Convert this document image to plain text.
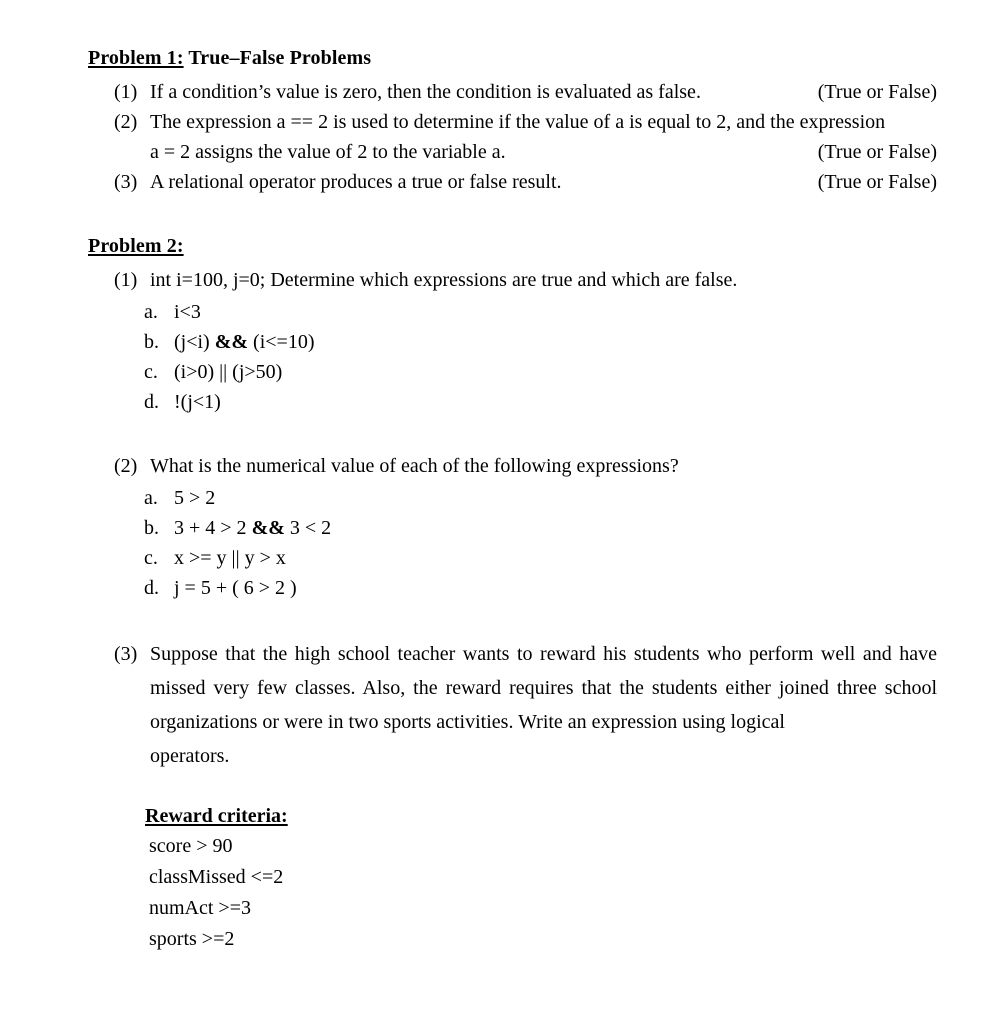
Problem 1: True–False Problems
(1) If a condition’s value is zero, then the condition is evaluated as false.	(True or False)
(2) The expression a == 2 is used to determine if the value of a is equal to 2, and the expression
a = 2 assigns the value of 2 to the variable a.	(True or False)
(3) A relational operator produces a true or false result.	(True or False)
Problem 2:
(1) int i=100, j=0; Determine which expressions are true and which are false.
a. i<3
b. (j<i) && (i<=10)
c. (i>0) || (j>50)
d. !(j<1)
(2) What is the numerical value of each of the following expressions?
a. 5 > 2
b. 3 + 4 > 2 && 3 < 2
c. x >= y || y > x
d. j = 5 + ( 6 > 2 )
(3) Suppose that the high school teacher wants to reward his students who perform well and have missed very few classes. Also, the reward requires that the students either joined three school organizations or were in two sports activities. Write an expression using logical
operators.
Reward criteria:
score > 90
classMissed <=2
numAct >=3
sports >=2
